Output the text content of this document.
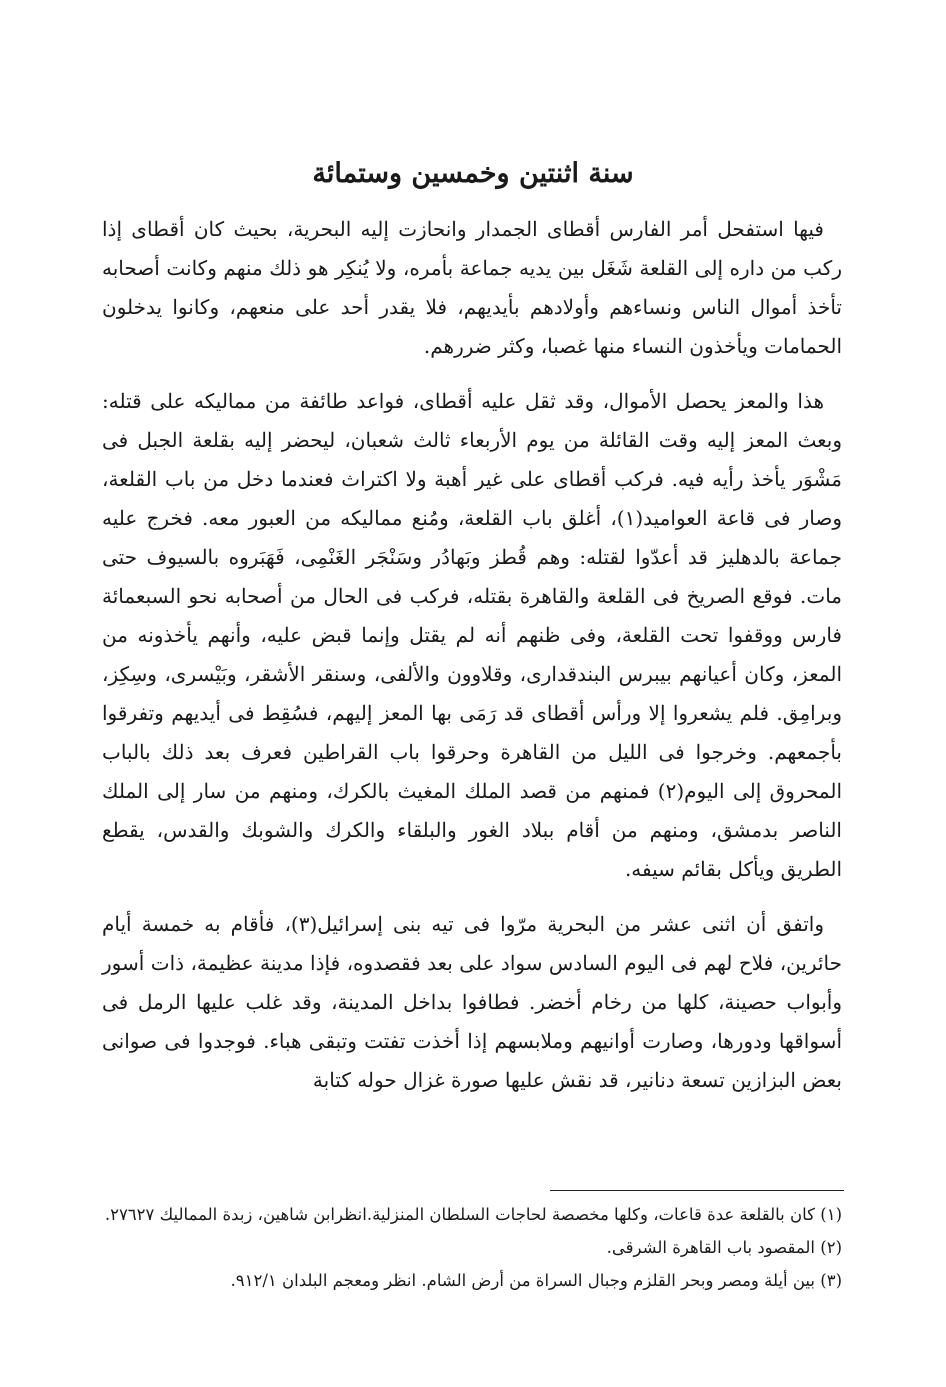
سنة اثنتين وخمسين وستمائة

فيها استفحل أمر الفارس أقطاى الجمدار وانحازت إليه البحرية، بحيث كان أقطاى إذا ركب من داره إلى القلعة شَغَل بين يديه جماعة بأمره، ولا يُنكِر هو ذلك منهم وكانت أصحابه تأخذ أموال الناس ونساءهم وأولادهم بأيديهم، فلا يقدر أحد على منعهم، وكانوا يدخلون الحمامات ويأخذون النساء منها غصبا، وكثر ضررهم.

هذا والمعز يحصل الأموال، وقد ثقل عليه أقطاى، فواعد طائفة من مماليكه على قتله: وبعث المعز إليه وقت القائلة من يوم الأربعاء ثالث شعبان، ليحضر إليه بقلعة الجبل فى مَشْوَر يأخذ رأيه فيه. فركب أقطاى على غير أهبة ولا اكتراث فعندما دخل من باب القلعة، وصار فى قاعة العواميد(١)، أغلق باب القلعة، ومُنع مماليكه من العبور معه. فخرج عليه جماعة بالدهليز قد أعدّوا لقتله: وهم قُطز وبَهادُر وسَنْجَر الغَنْمِى، فَهَبَروه بالسيوف حتى مات. فوقع الصريخ فى القلعة والقاهرة بقتله، فركب فى الحال من أصحابه نحو السبعمائة فارس ووقفوا تحت القلعة، وفى ظنهم أنه لم يقتل وإنما قبض عليه، وأنهم يأخذونه من المعز، وكان أعيانهم بيبرس البندقدارى، وقلاوون والألفى، وسنقر الأشقر، وبَيْسرى، وسِكِز، وبرامِق. فلم يشعروا إلا ورأس أقطاى قد رَمَى بها المعز إليهم، فسُقِط فى أيديهم وتفرقوا بأجمعهم. وخرجوا فى الليل من القاهرة وحرقوا باب القراطين فعرف بعد ذلك بالباب المحروق إلى اليوم(٢) فمنهم من قصد الملك المغيث بالكرك، ومنهم من سار إلى الملك الناصر بدمشق، ومنهم من أقام ببلاد الغور والبلقاء والكرك والشوبك والقدس، يقطع الطريق ويأكل بقائم سيفه.

واتفق أن اثنى عشر من البحرية مرّوا فى تيه بنى إسرائيل(٣)، فأقام به خمسة أيام حائرين، فلاح لهم فى اليوم السادس سواد على بعد فقصدوه، فإذا مدينة عظيمة، ذات أسور وأبواب حصينة، كلها من رخام أخضر. فطافوا بداخل المدينة، وقد غلب عليها الرمل فى أسواقها ودورها، وصارت أوانيهم وملابسهم إذا أخذت تفتت وتبقى هباء. فوجدوا فى صوانى بعض البزازين تسعة دنانير، قد نقش عليها صورة غزال حوله كتابة

(١) كان بالقلعة عدة قاعات، وكلها مخصصة لحاجات السلطان المنزلية.انظرابن شاهين، زبدة المماليك ٢٧٦٢٧.

(٢) المقصود باب القاهرة الشرقى.

(٣) بين أيلة ومصر وبحر القلزم وجبال السراة من أرض الشام. انظر ومعجم البلدان ٩١٢/١.
